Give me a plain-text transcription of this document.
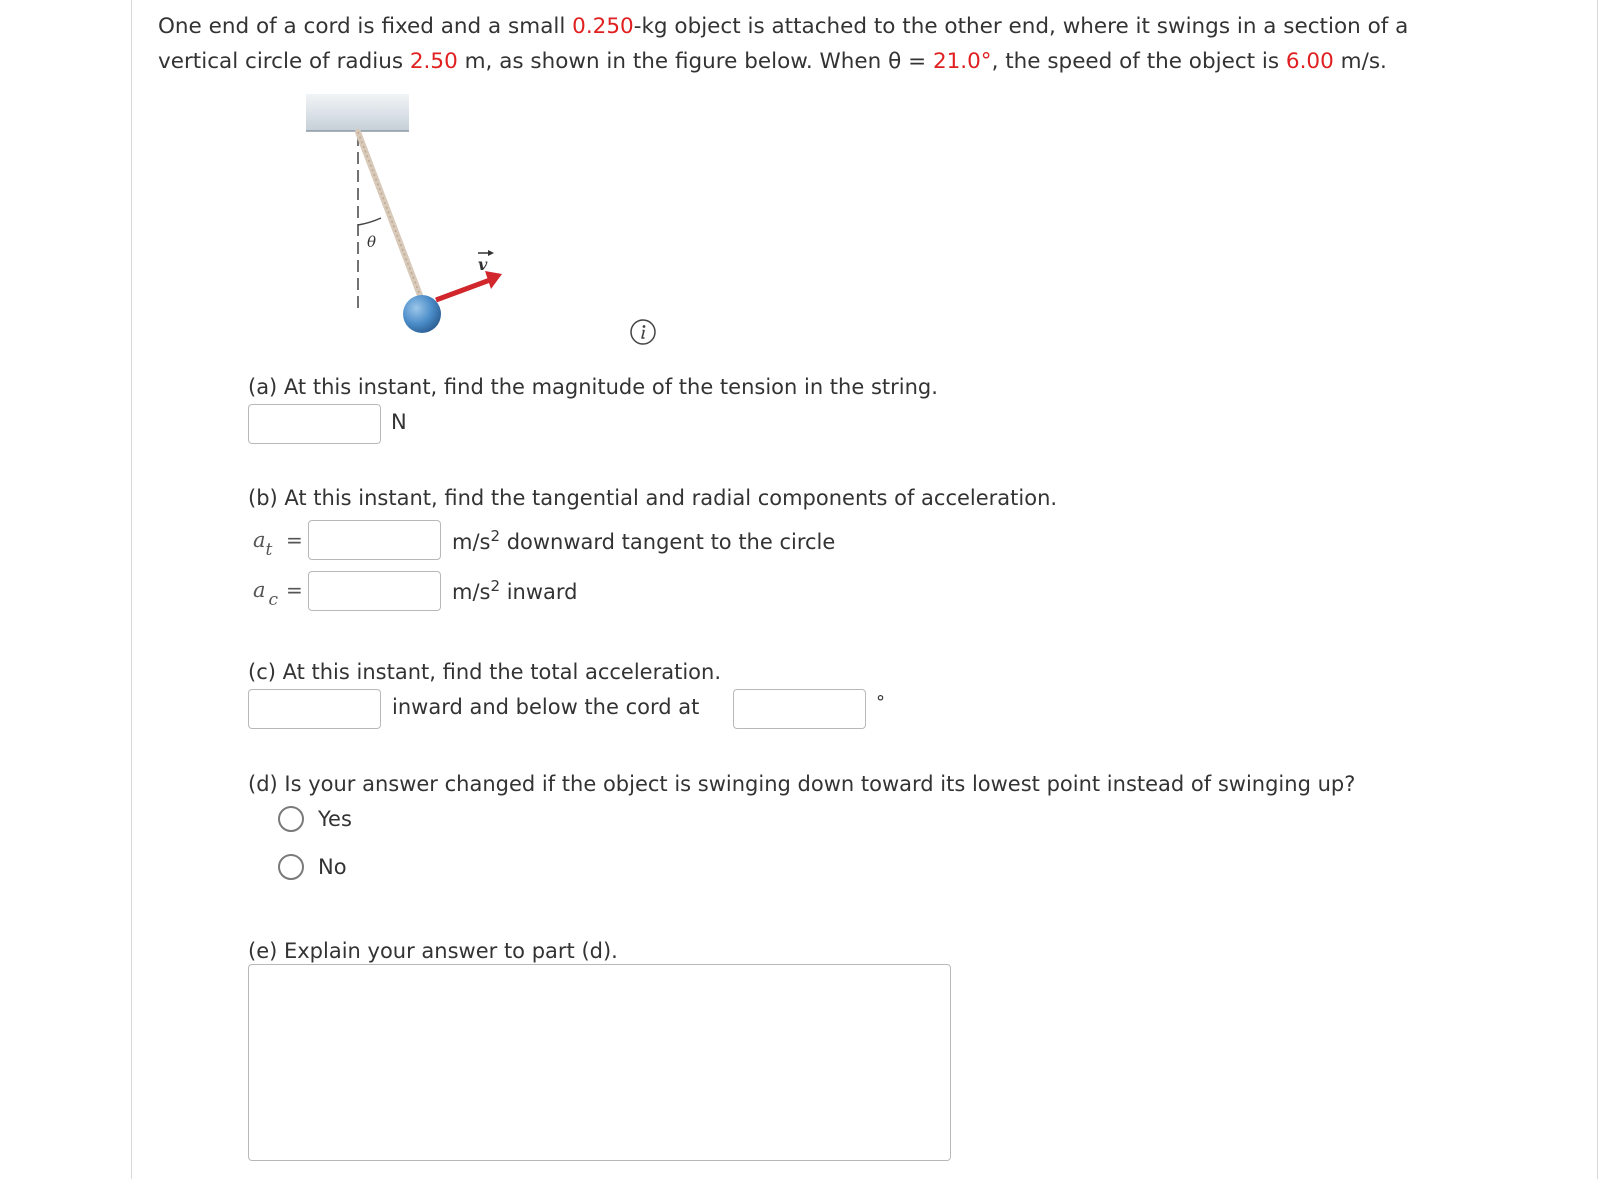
One end of a cord is fixed and a small 0.250-kg object is attached to the other end, where it swings in a section of a
vertical circle of radius 2.50 m, as shown in the figure below. When θ = 21.0°, the speed of the object is 6.00 m/s.
θ
v
(a) At this instant, find the magnitude of the tension in the string.
N
(b) At this instant, find the tangential and radial components of acceleration.
at =	$m/s^2$ downward tangent to the circle
a c =	$m/s^2$ inward
(c) At this instant, find the total acceleration.
inward and below the cord at	°
(d) Is your answer changed if the object is swinging down toward its lowest point instead of swinging up?
Yes
No
(e) Explain your answer to part (d).
